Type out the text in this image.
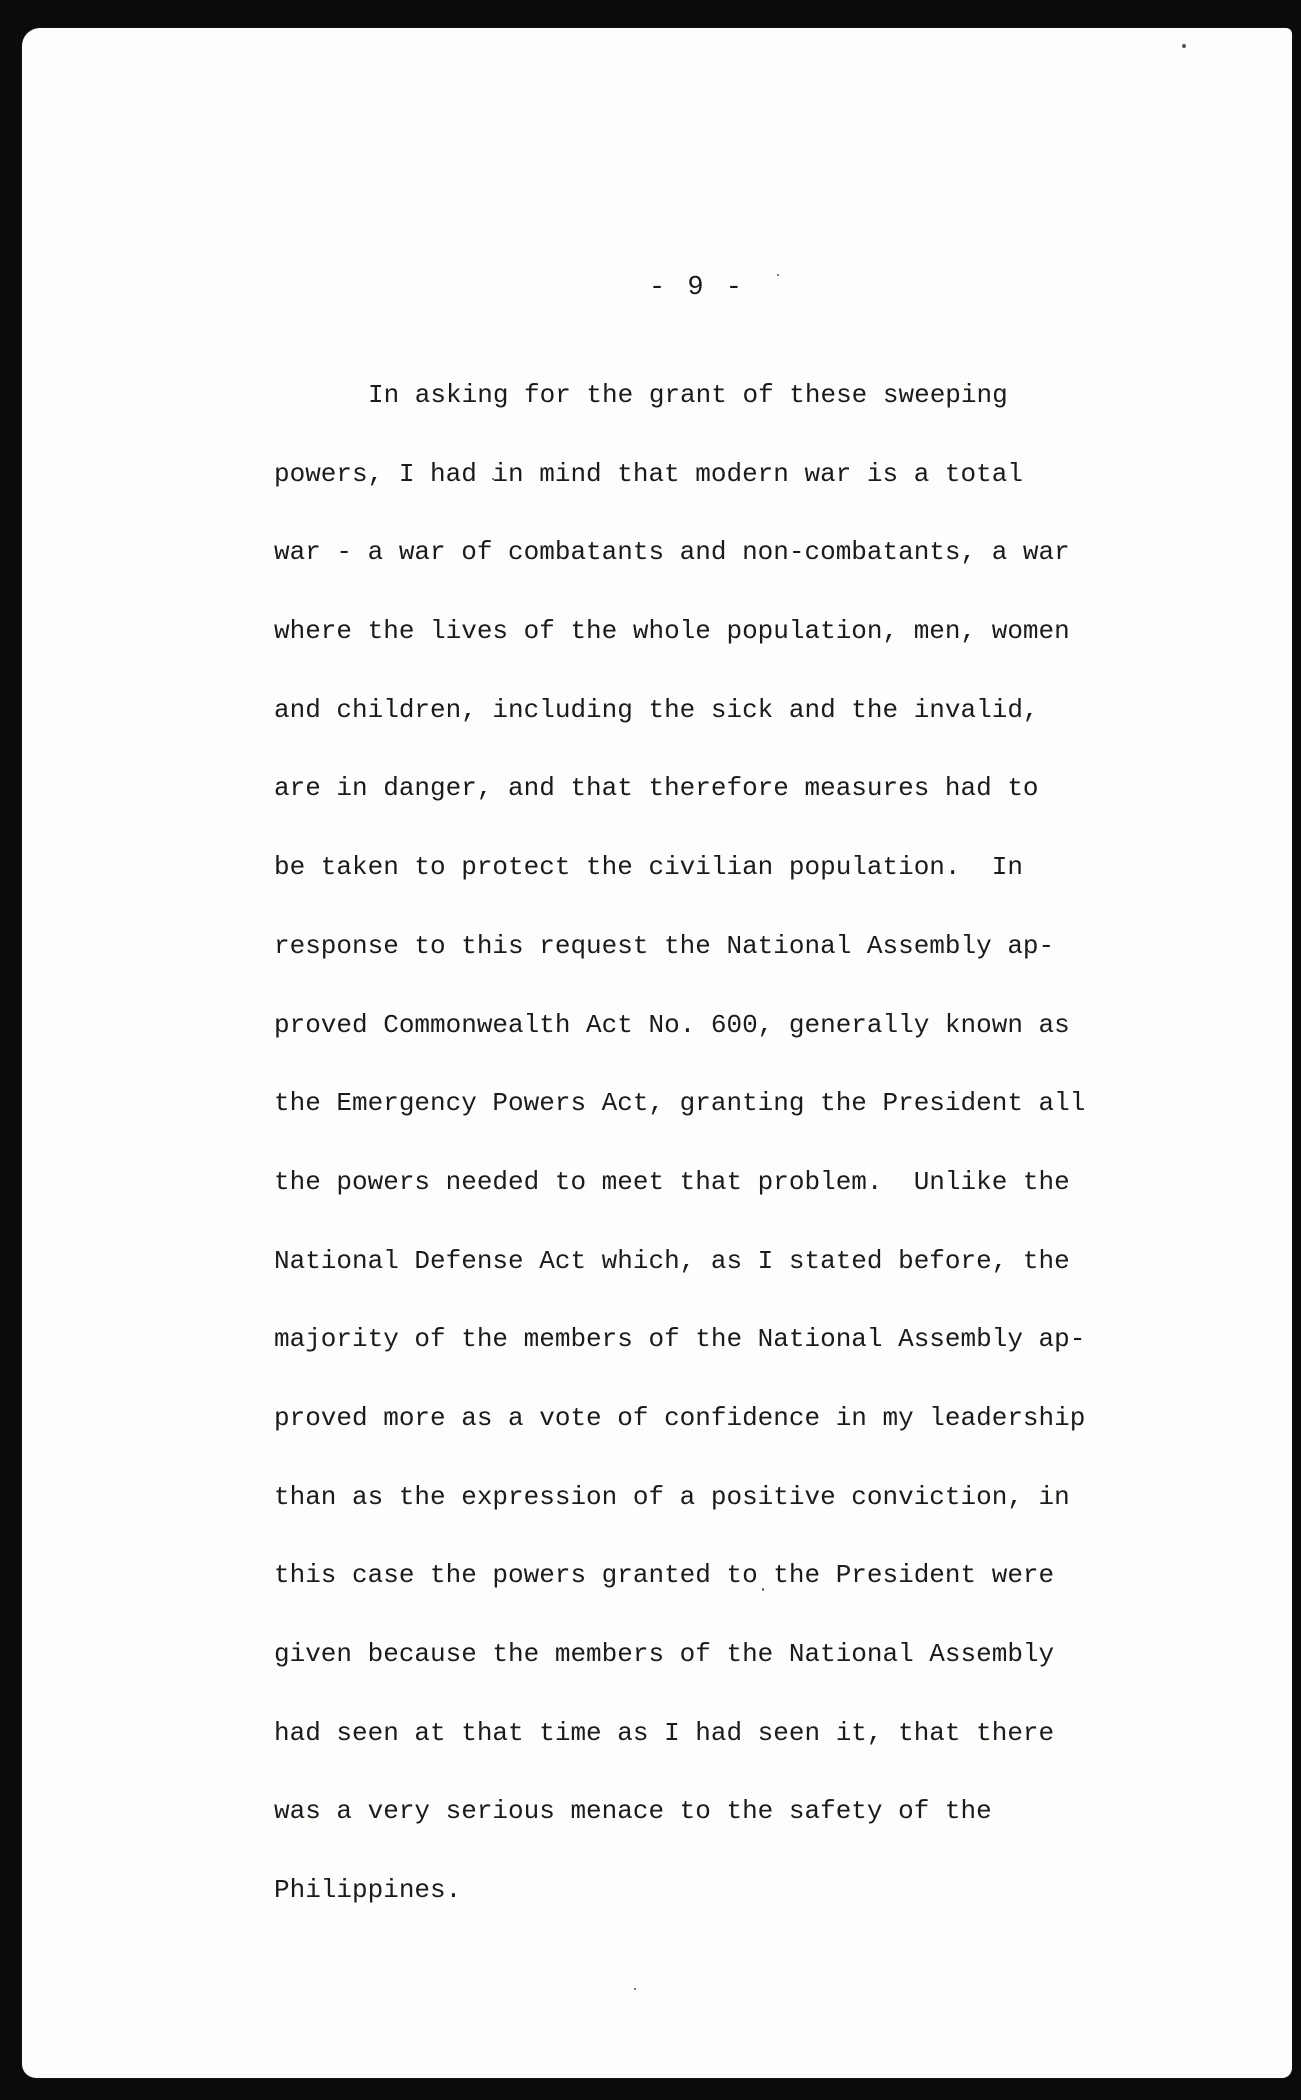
- 9 -
In asking for the grant of these sweeping
powers, I had in mind that modern war is a total
war - a war of combatants and non-combatants, a war
where the lives of the whole population, men, women
and children, including the sick and the invalid,
are in danger, and that therefore measures had to
be taken to protect the civilian population.  In
response to this request the National Assembly ap-
proved Commonwealth Act No. 600, generally known as
the Emergency Powers Act, granting the President all
the powers needed to meet that problem.  Unlike the
National Defense Act which, as I stated before, the
majority of the members of the National Assembly ap-
proved more as a vote of confidence in my leadership
than as the expression of a positive conviction, in
this case the powers granted to the President were
given because the members of the National Assembly
had seen at that time as I had seen it, that there
was a very serious menace to the safety of the
Philippines.
